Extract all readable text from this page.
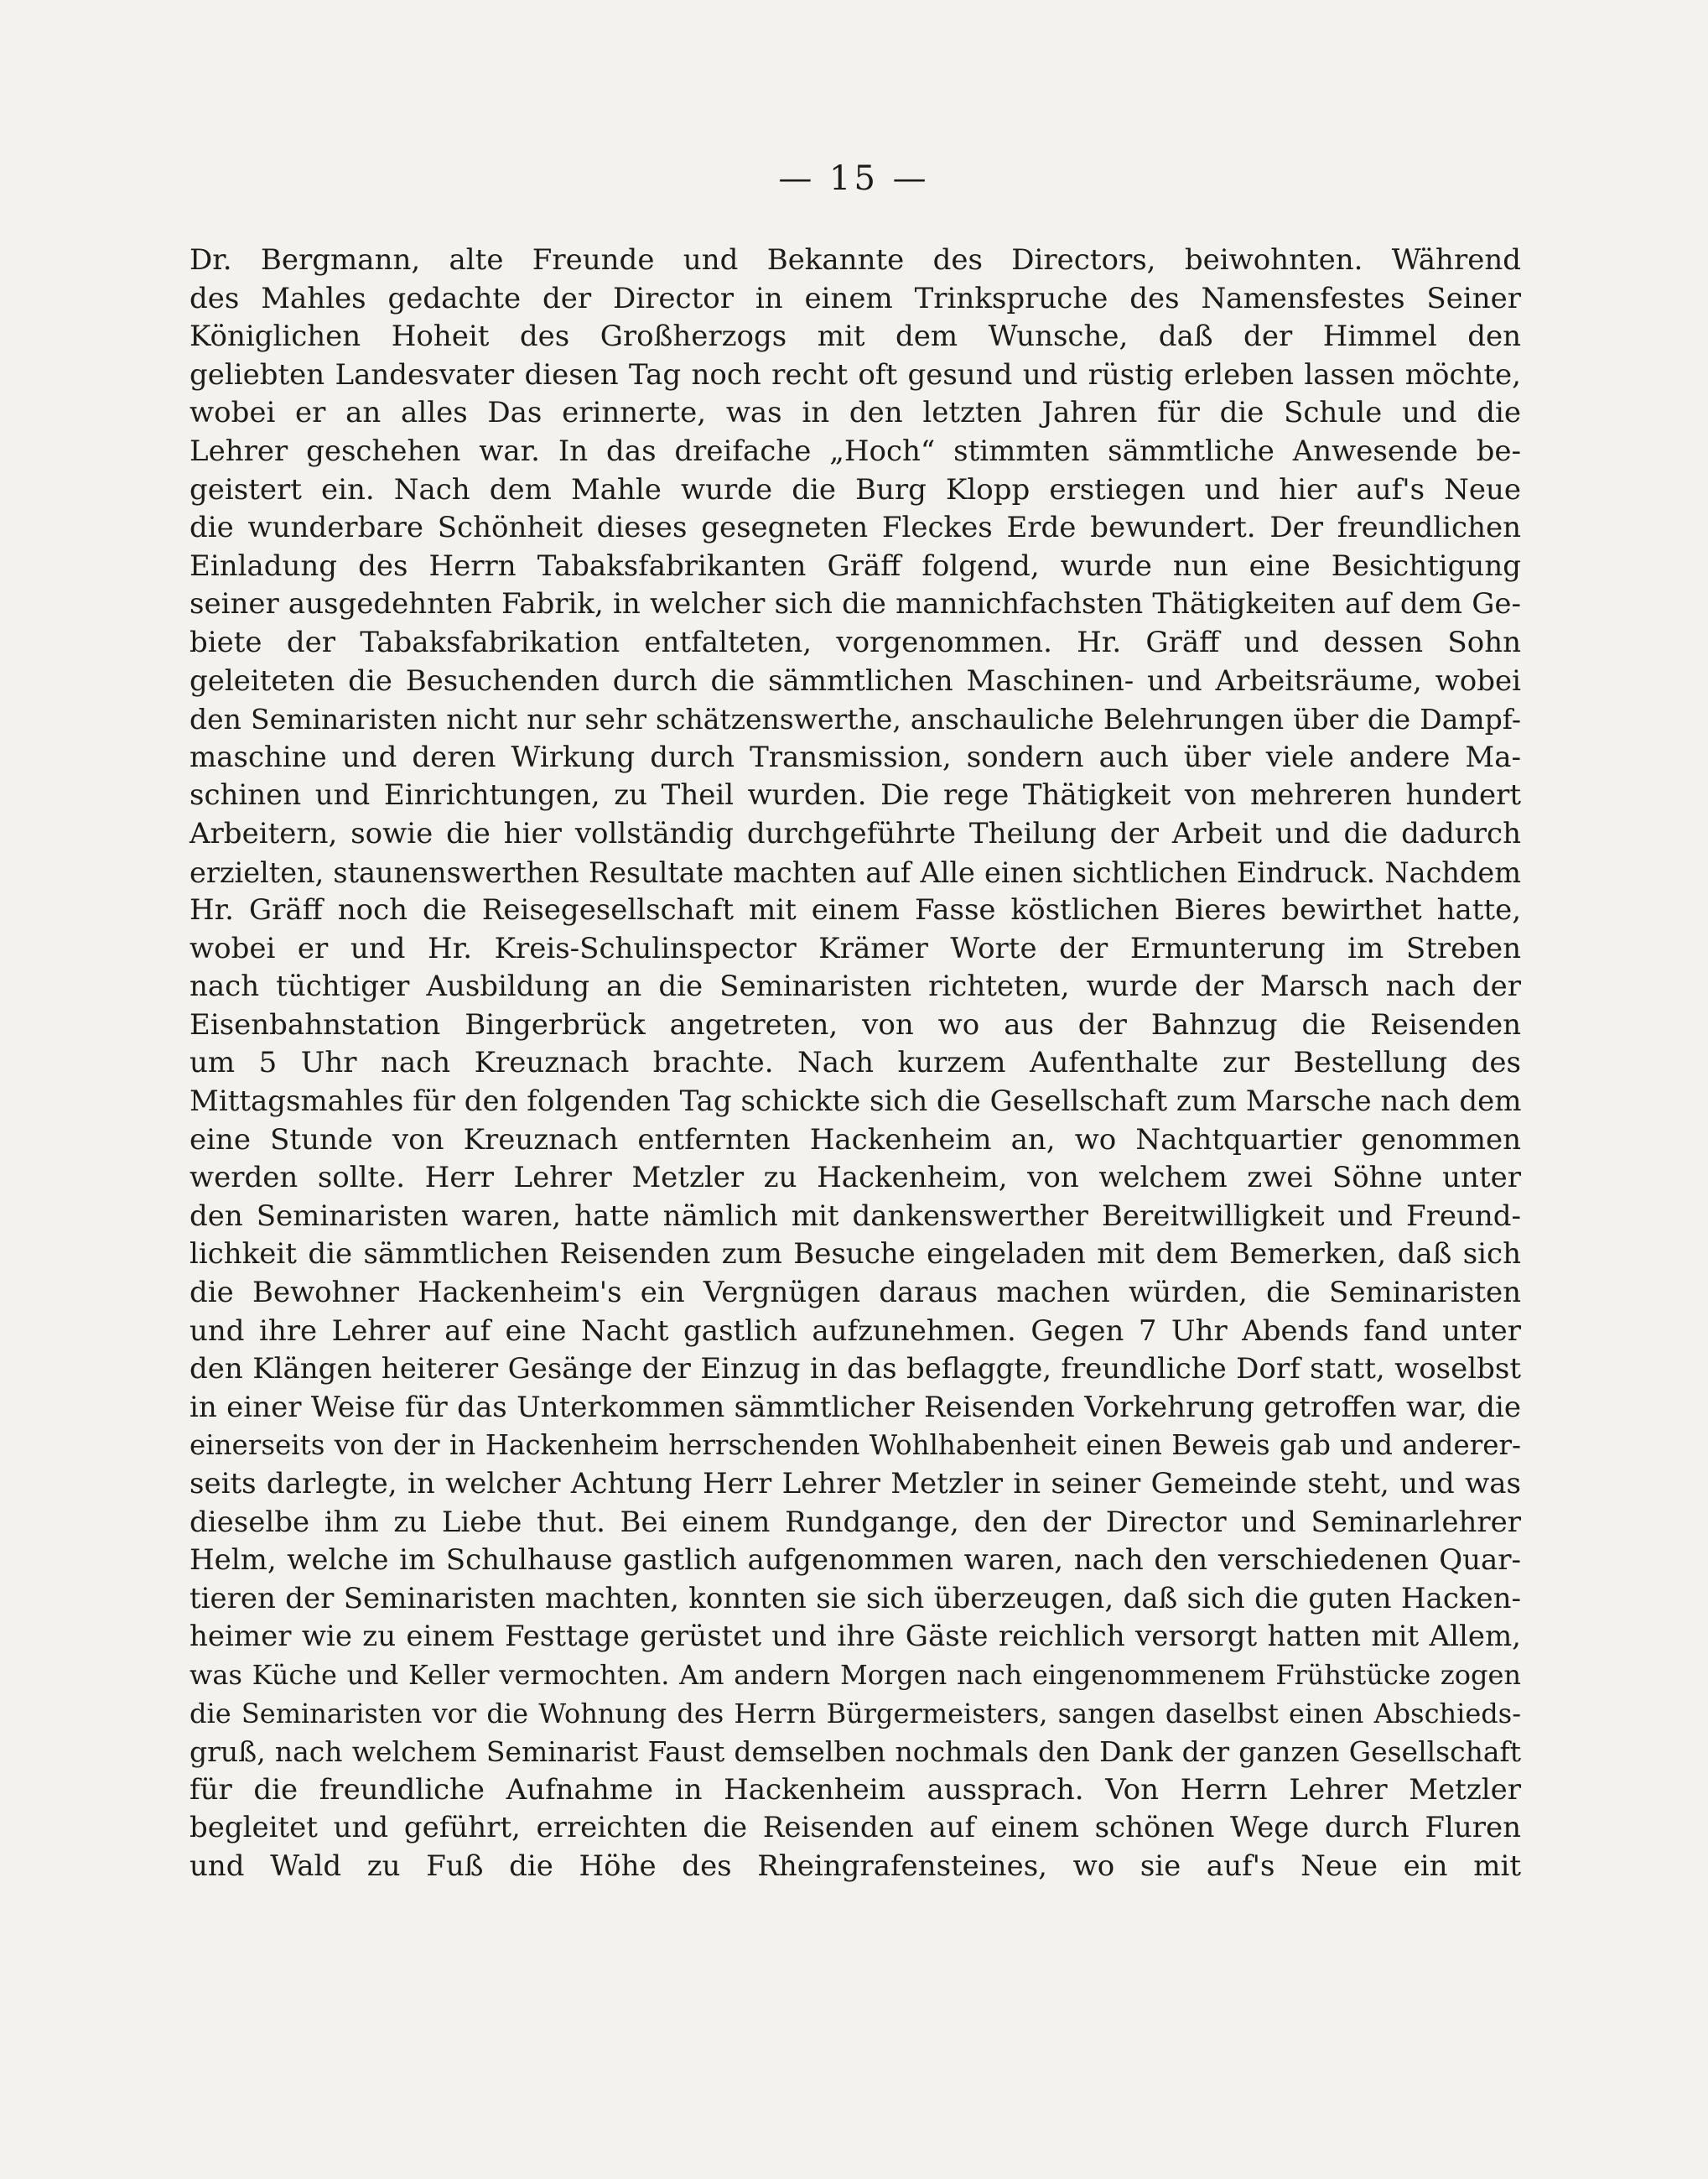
— 15 —
Dr. Bergmann, alte Freunde und Bekannte des Directors, beiwohnten. Während
des Mahles gedachte der Director in einem Trinkspruche des Namensfestes Seiner
Königlichen Hoheit des Großherzogs mit dem Wunsche, daß der Himmel den
geliebten Landesvater diesen Tag noch recht oft gesund und rüstig erleben lassen möchte,
wobei er an alles Das erinnerte, was in den letzten Jahren für die Schule und die
Lehrer geschehen war. In das dreifache „Hoch“ stimmten sämmtliche Anwesende be-
geistert ein. Nach dem Mahle wurde die Burg Klopp erstiegen und hier auf's Neue
die wunderbare Schönheit dieses gesegneten Fleckes Erde bewundert. Der freundlichen
Einladung des Herrn Tabaksfabrikanten Gräff folgend, wurde nun eine Besichtigung
seiner ausgedehnten Fabrik, in welcher sich die mannichfachsten Thätigkeiten auf dem Ge-
biete der Tabaksfabrikation entfalteten, vorgenommen. Hr. Gräff und dessen Sohn
geleiteten die Besuchenden durch die sämmtlichen Maschinen- und Arbeitsräume, wobei
den Seminaristen nicht nur sehr schätzenswerthe, anschauliche Belehrungen über die Dampf-
maschine und deren Wirkung durch Transmission, sondern auch über viele andere Ma-
schinen und Einrichtungen, zu Theil wurden. Die rege Thätigkeit von mehreren hundert
Arbeitern, sowie die hier vollständig durchgeführte Theilung der Arbeit und die dadurch
erzielten, staunenswerthen Resultate machten auf Alle einen sichtlichen Eindruck. Nachdem
Hr. Gräff noch die Reisegesellschaft mit einem Fasse köstlichen Bieres bewirthet hatte,
wobei er und Hr. Kreis-Schulinspector Krämer Worte der Ermunterung im Streben
nach tüchtiger Ausbildung an die Seminaristen richteten, wurde der Marsch nach der
Eisenbahnstation Bingerbrück angetreten, von wo aus der Bahnzug die Reisenden
um 5 Uhr nach Kreuznach brachte. Nach kurzem Aufenthalte zur Bestellung des
Mittagsmahles für den folgenden Tag schickte sich die Gesellschaft zum Marsche nach dem
eine Stunde von Kreuznach entfernten Hackenheim an, wo Nachtquartier genommen
werden sollte. Herr Lehrer Metzler zu Hackenheim, von welchem zwei Söhne unter
den Seminaristen waren, hatte nämlich mit dankenswerther Bereitwilligkeit und Freund-
lichkeit die sämmtlichen Reisenden zum Besuche eingeladen mit dem Bemerken, daß sich
die Bewohner Hackenheim's ein Vergnügen daraus machen würden, die Seminaristen
und ihre Lehrer auf eine Nacht gastlich aufzunehmen. Gegen 7 Uhr Abends fand unter
den Klängen heiterer Gesänge der Einzug in das beflaggte, freundliche Dorf statt, woselbst
in einer Weise für das Unterkommen sämmtlicher Reisenden Vorkehrung getroffen war, die
einerseits von der in Hackenheim herrschenden Wohlhabenheit einen Beweis gab und anderer-
seits darlegte, in welcher Achtung Herr Lehrer Metzler in seiner Gemeinde steht, und was
dieselbe ihm zu Liebe thut. Bei einem Rundgange, den der Director und Seminarlehrer
Helm, welche im Schulhause gastlich aufgenommen waren, nach den verschiedenen Quar-
tieren der Seminaristen machten, konnten sie sich überzeugen, daß sich die guten Hacken-
heimer wie zu einem Festtage gerüstet und ihre Gäste reichlich versorgt hatten mit Allem,
was Küche und Keller vermochten. Am andern Morgen nach eingenommenem Frühstücke zogen
die Seminaristen vor die Wohnung des Herrn Bürgermeisters, sangen daselbst einen Abschieds-
gruß, nach welchem Seminarist Faust demselben nochmals den Dank der ganzen Gesellschaft
für die freundliche Aufnahme in Hackenheim aussprach. Von Herrn Lehrer Metzler
begleitet und geführt, erreichten die Reisenden auf einem schönen Wege durch Fluren
und Wald zu Fuß die Höhe des Rheingrafensteines, wo sie auf's Neue ein mit
